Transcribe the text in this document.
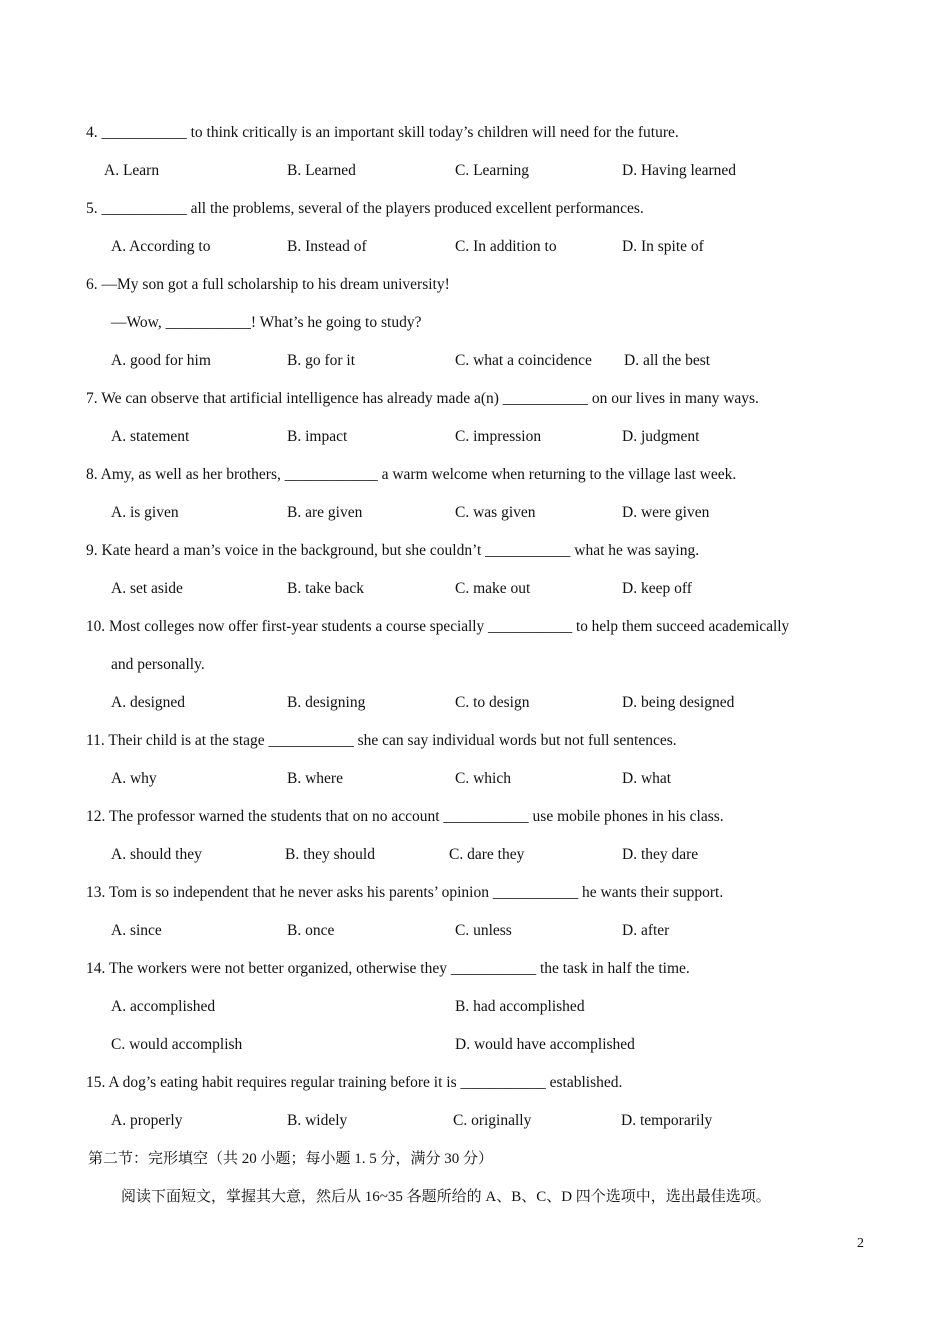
4. ___________ to think critically is an important skill today’s children will need for the future.
A. Learn	B. Learned	C. Learning	D. Having learned
5. ___________ all the problems, several of the players produced excellent performances.
A. According to	B. Instead of	C. In addition to	D. In spite of
6. —My son got a full scholarship to his dream university!
—Wow, ___________! What’s he going to study?
A. good for him	B. go for it	C. what a coincidence D. all the best
7. We can observe that artificial intelligence has already made a(n) ___________ on our lives in many ways.
A. statement	B. impact	C. impression	D. judgment
8. Amy, as well as her brothers, ____________ a warm welcome when returning to the village last week.
A. is given	B. are given	C. was given	D. were given
9. Kate heard a man’s voice in the background, but she couldn’t ___________ what he was saying.
A. set aside	B. take back	C. make out	D. keep off
10. Most colleges now offer first-year students a course specially ___________ to help them succeed academically
and personally.
A. designed	B. designing	C. to design	D. being designed
11. Their child is at the stage ___________ she can say individual words but not full sentences.
A. why	B. where	C. which	D. what
12. The professor warned the students that on no account ___________ use mobile phones in his class.
A. should they	B. they should	C. dare they	D. they dare
13. Tom is so independent that he never asks his parents’ opinion ___________ he wants their support.
A. since	B. once	C. unless	D. after
14. The workers were not better organized, otherwise they ___________ the task in half the time.
A. accomplished	B. had accomplished
C. would accomplish	D. would have accomplished
15. A dog’s eating habit requires regular training before it is ___________ established.
A. properly	B. widely	C. originally	D. temporarily
第二节：完形填空（共 20 小题；每小题 1. 5 分，满分 30 分）
阅读下面短文，掌握其大意，然后从 16~35 各题所给的 A、B、C、D 四个选项中，选出最佳选项。
2
